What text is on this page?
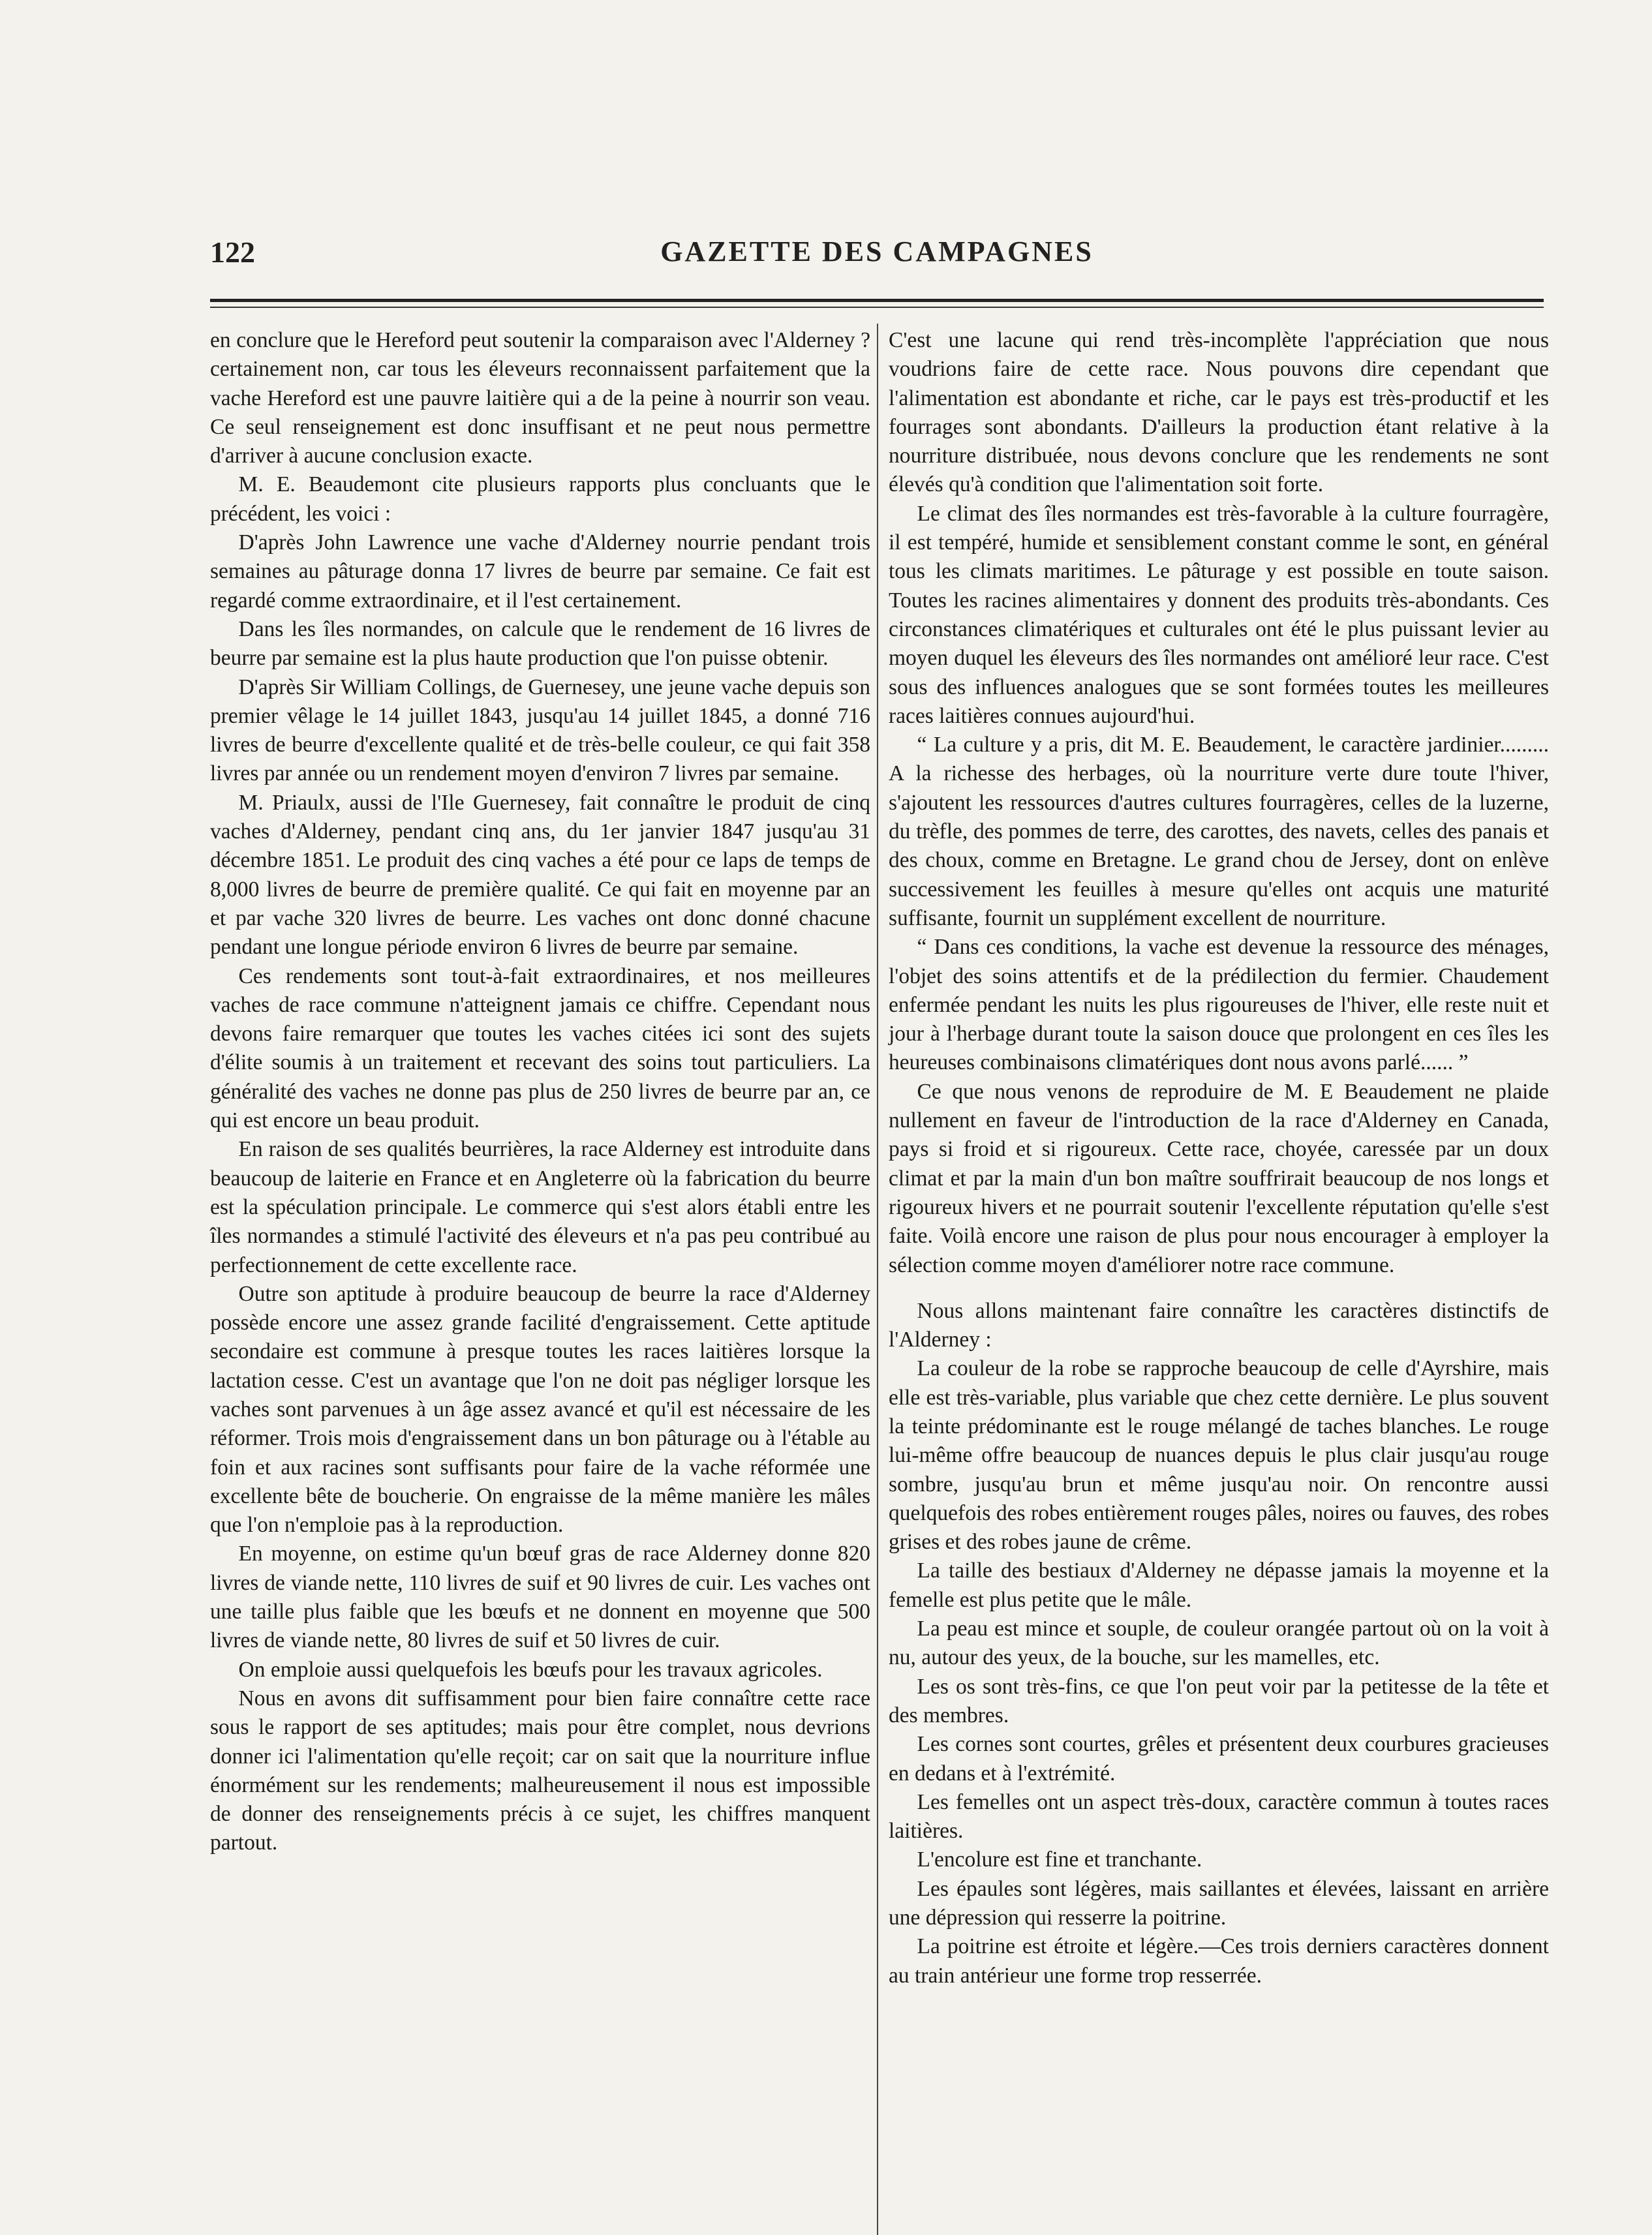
122	GAZETTE DES CAMPAGNES

en conclure que le Hereford peut soutenir la comparaison avec l'Alderney ? certainement non, car tous les éleveurs reconnaissent parfaitement que la vache Hereford est une pauvre laitière qui a de la peine à nourrir son veau. Ce seul renseignement est donc insuffisant et ne peut nous permettre d'arriver à aucune conclusion exacte.

M. E. Beaudemont cite plusieurs rapports plus concluants que le précédent, les voici :

D'après John Lawrence une vache d'Alderney nourrie pendant trois semaines au pâturage donna 17 livres de beurre par semaine. Ce fait est regardé comme extraordinaire, et il l'est certainement.

Dans les îles normandes, on calcule que le rendement de 16 livres de beurre par semaine est la plus haute production que l'on puisse obtenir.

D'après Sir William Collings, de Guernesey, une jeune vache depuis son premier vêlage le 14 juillet 1843, jusqu'au 14 juillet 1845, a donné 716 livres de beurre d'excellente qualité et de très-belle couleur, ce qui fait 358 livres par année ou un rendement moyen d'environ 7 livres par semaine.

M. Priaulx, aussi de l'Ile Guernesey, fait connaître le produit de cinq vaches d'Alderney, pendant cinq ans, du 1er janvier 1847 jusqu'au 31 décembre 1851. Le produit des cinq vaches a été pour ce laps de temps de 8,000 livres de beurre de première qualité. Ce qui fait en moyenne par an et par vache 320 livres de beurre. Les vaches ont donc donné chacune pendant une longue période environ 6 livres de beurre par semaine.

Ces rendements sont tout-à-fait extraordinaires, et nos meilleures vaches de race commune n'atteignent jamais ce chiffre. Cependant nous devons faire remarquer que toutes les vaches citées ici sont des sujets d'élite soumis à un traitement et recevant des soins tout particuliers. La généralité des vaches ne donne pas plus de 250 livres de beurre par an, ce qui est encore un beau produit.

En raison de ses qualités beurrières, la race Alderney est introduite dans beaucoup de laiterie en France et en Angleterre où la fabrication du beurre est la spéculation principale. Le commerce qui s'est alors établi entre les îles normandes a stimulé l'activité des éleveurs et n'a pas peu contribué au perfectionnement de cette excellente race.

Outre son aptitude à produire beaucoup de beurre la race d'Alderney possède encore une assez grande facilité d'engraissement. Cette aptitude secondaire est commune à presque toutes les races laitières lorsque la lactation cesse. C'est un avantage que l'on ne doit pas négliger lorsque les vaches sont parvenues à un âge assez avancé et qu'il est nécessaire de les réformer. Trois mois d'engraissement dans un bon pâturage ou à l'étable au foin et aux racines sont suffisants pour faire de la vache réformée une excellente bête de boucherie. On engraisse de la même manière les mâles que l'on n'emploie pas à la reproduction.

En moyenne, on estime qu'un bœuf gras de race Alderney donne 820 livres de viande nette, 110 livres de suif et 90 livres de cuir. Les vaches ont une taille plus faible que les bœufs et ne donnent en moyenne que 500 livres de viande nette, 80 livres de suif et 50 livres de cuir.

On emploie aussi quelquefois les bœufs pour les travaux agricoles.

Nous en avons dit suffisamment pour bien faire connaître cette race sous le rapport de ses aptitudes; mais pour être complet, nous devrions donner ici l'alimentation qu'elle reçoit; car on sait que la nourriture influe énormément sur les rendements; malheureusement il nous est impossible de donner des renseignements précis à ce sujet, les chiffres manquent partout.

C'est une lacune qui rend très-incomplète l'appréciation que nous voudrions faire de cette race. Nous pouvons dire cependant que l'alimentation est abondante et riche, car le pays est très-productif et les fourrages sont abondants. D'ailleurs la production étant relative à la nourriture distribuée, nous devons conclure que les rendements ne sont élevés qu'à condition que l'alimentation soit forte.

Le climat des îles normandes est très-favorable à la culture fourragère, il est tempéré, humide et sensiblement constant comme le sont, en général tous les climats maritimes. Le pâturage y est possible en toute saison. Toutes les racines alimentaires y donnent des produits très-abondants. Ces circonstances climatériques et culturales ont été le plus puissant levier au moyen duquel les éleveurs des îles normandes ont amélioré leur race. C'est sous des influences analogues que se sont formées toutes les meilleures races laitières connues aujourd'hui.

“ La culture y a pris, dit M. E. Beaudement, le caractère jardinier......... A la richesse des herbages, où la nourriture verte dure toute l'hiver, s'ajoutent les ressources d'autres cultures fourragères, celles de la luzerne, du trèfle, des pommes de terre, des carottes, des navets, celles des panais et des choux, comme en Bretagne. Le grand chou de Jersey, dont on enlève successivement les feuilles à mesure qu'elles ont acquis une maturité suffisante, fournit un supplément excellent de nourriture.

“ Dans ces conditions, la vache est devenue la ressource des ménages, l'objet des soins attentifs et de la prédilection du fermier. Chaudement enfermée pendant les nuits les plus rigoureuses de l'hiver, elle reste nuit et jour à l'herbage durant toute la saison douce que prolongent en ces îles les heureuses combinaisons climatériques dont nous avons parlé...... ”

Ce que nous venons de reproduire de M. E Beaudement ne plaide nullement en faveur de l'introduction de la race d'Alderney en Canada, pays si froid et si rigoureux. Cette race, choyée, caressée par un doux climat et par la main d'un bon maître souffrirait beaucoup de nos longs et rigoureux hivers et ne pourrait soutenir l'excellente réputation qu'elle s'est faite. Voilà encore une raison de plus pour nous encourager à employer la sélection comme moyen d'améliorer notre race commune.

Nous allons maintenant faire connaître les caractères distinctifs de l'Alderney :

La couleur de la robe se rapproche beaucoup de celle d'Ayrshire, mais elle est très-variable, plus variable que chez cette dernière. Le plus souvent la teinte prédominante est le rouge mélangé de taches blanches. Le rouge lui-même offre beaucoup de nuances depuis le plus clair jusqu'au rouge sombre, jusqu'au brun et même jusqu'au noir. On rencontre aussi quelquefois des robes entièrement rouges pâles, noires ou fauves, des robes grises et des robes jaune de crême.

La taille des bestiaux d'Alderney ne dépasse jamais la moyenne et la femelle est plus petite que le mâle.

La peau est mince et souple, de couleur orangée partout où on la voit à nu, autour des yeux, de la bouche, sur les mamelles, etc.

Les os sont très-fins, ce que l'on peut voir par la petitesse de la tête et des membres.

Les cornes sont courtes, grêles et présentent deux courbures gracieuses en dedans et à l'extrémité.

Les femelles ont un aspect très-doux, caractère commun à toutes races laitières.

L'encolure est fine et tranchante.

Les épaules sont légères, mais saillantes et élevées, laissant en arrière une dépression qui resserre la poitrine.

La poitrine est étroite et légère.—Ces trois derniers caractères donnent au train antérieur une forme trop resserrée.
